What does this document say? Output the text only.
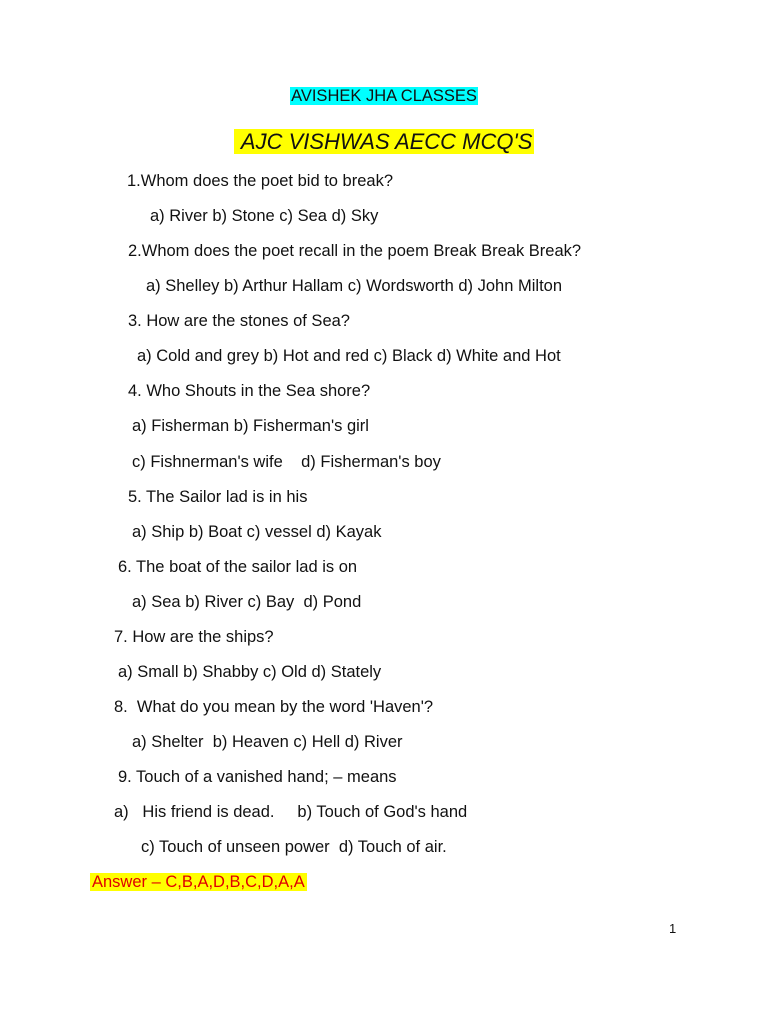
AVISHEK JHA CLASSES
AJC VISHWAS AECC MCQ'S
1.Whom does the poet bid to break?
a) River b) Stone c) Sea d) Sky
2.Whom does the poet recall in the poem Break Break Break?
a) Shelley b) Arthur Hallam c) Wordsworth d) John Milton
3. How are the stones of Sea?
a) Cold and grey b) Hot and red c) Black d) White and Hot
4. Who Shouts in the Sea shore?
a) Fisherman b) Fisherman's girl
c) Fishnerman's wife    d) Fisherman's boy
5. The Sailor lad is in his
a) Ship b) Boat c) vessel d) Kayak
6. The boat of the sailor lad is on
a) Sea b) River c) Bay  d) Pond
7. How are the ships?
a) Small b) Shabby c) Old d) Stately
8.  What do you mean by the word 'Haven'?
a) Shelter  b) Heaven c) Hell d) River
9. Touch of a vanished hand; – means
a)   His friend is dead.     b) Touch of God's hand
c) Touch of unseen power  d) Touch of air.
Answer – C,B,A,D,B,C,D,A,A
1
